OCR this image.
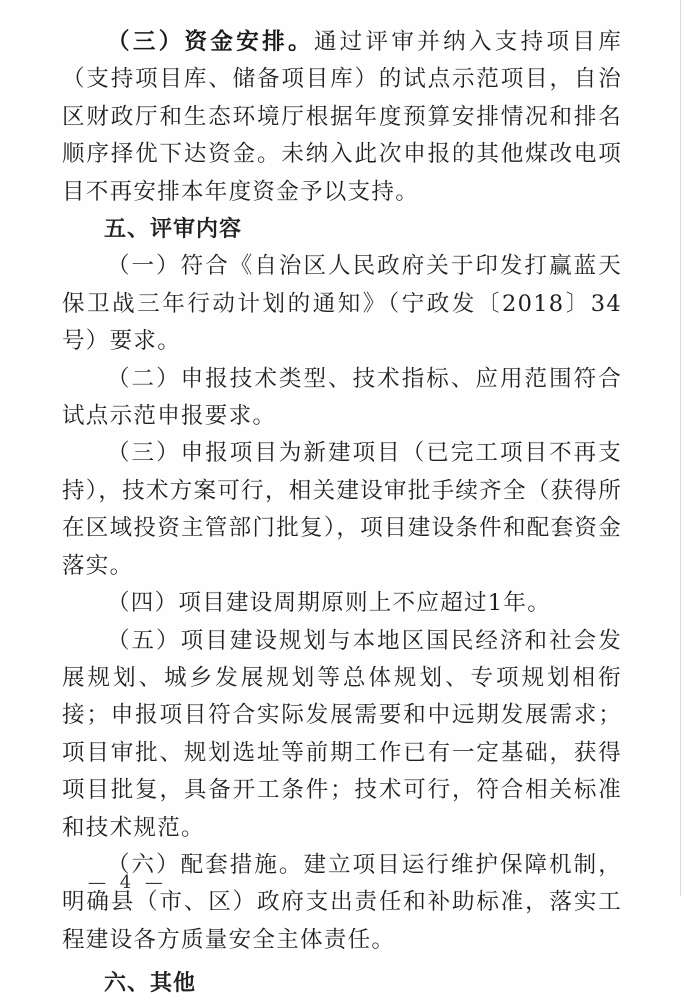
（三）资金安排。通过评审并纳入支持项目库（支持项目库、储备项目库）的试点示范项目，自治区财政厅和生态环境厅根据年度预算安排情况和排名顺序择优下达资金。未纳入此次申报的其他煤改电项目不再安排本年度资金予以支持。

五、评审内容

（一）符合《自治区人民政府关于印发打赢蓝天保卫战三年行动计划的通知》（宁政发〔2018〕34号）要求。

（二）申报技术类型、技术指标、应用范围符合试点示范申报要求。

（三）申报项目为新建项目（已完工项目不再支持），技术方案可行，相关建设审批手续齐全（获得所在区域投资主管部门批复），项目建设条件和配套资金落实。

（四）项目建设周期原则上不应超过1年。

（五）项目建设规划与本地区国民经济和社会发展规划、城乡发展规划等总体规划、专项规划相衔接；申报项目符合实际发展需要和中远期发展需求；项目审批、规划选址等前期工作已有一定基础，获得项目批复，具备开工条件；技术可行，符合相关标准和技术规范。

（六）配套措施。建立项目运行维护保障机制，明确县（市、区）政府支出责任和补助标准，落实工程建设各方质量安全主体责任。

六、其他

— 4 —
